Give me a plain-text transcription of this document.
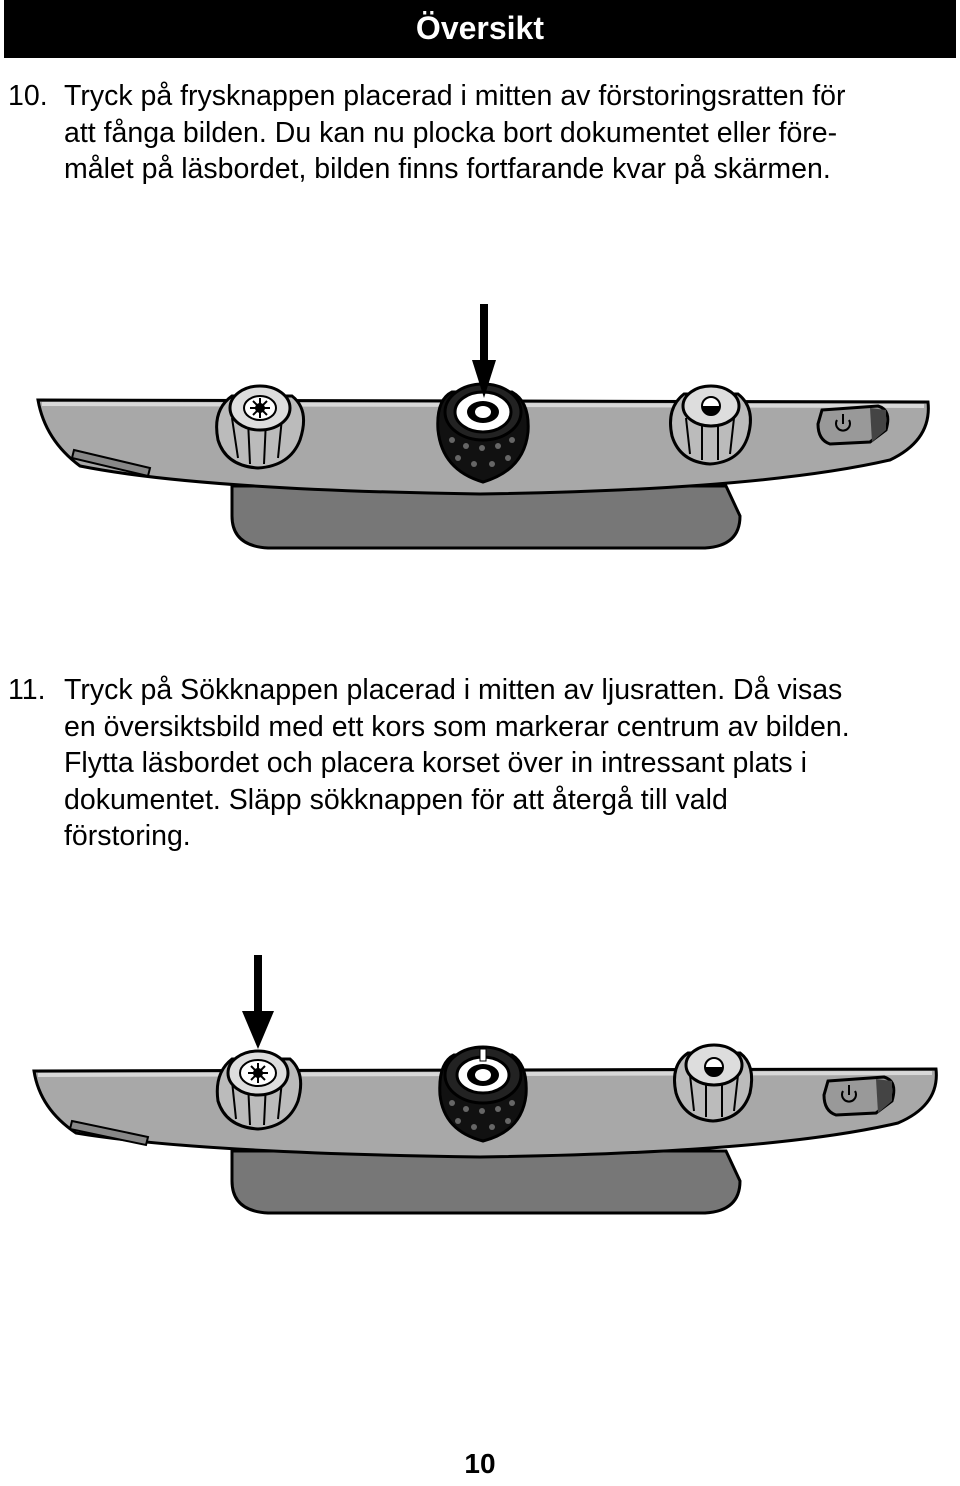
Översikt
10. Tryck på frysknappen placerad i mitten av förstoringsratten för
att fånga bilden. Du kan nu plocka bort dokumentet eller före-
målet på läsbordet, bilden finns fortfarande kvar på skärmen.
11. Tryck på Sökknappen placerad i mitten av ljusratten. Då visas
en översiktsbild med ett kors som markerar centrum av bilden.
Flytta läsbordet och placera korset över in intressant plats i
dokumentet. Släpp sökknappen för att återgå till vald
förstoring.
10
